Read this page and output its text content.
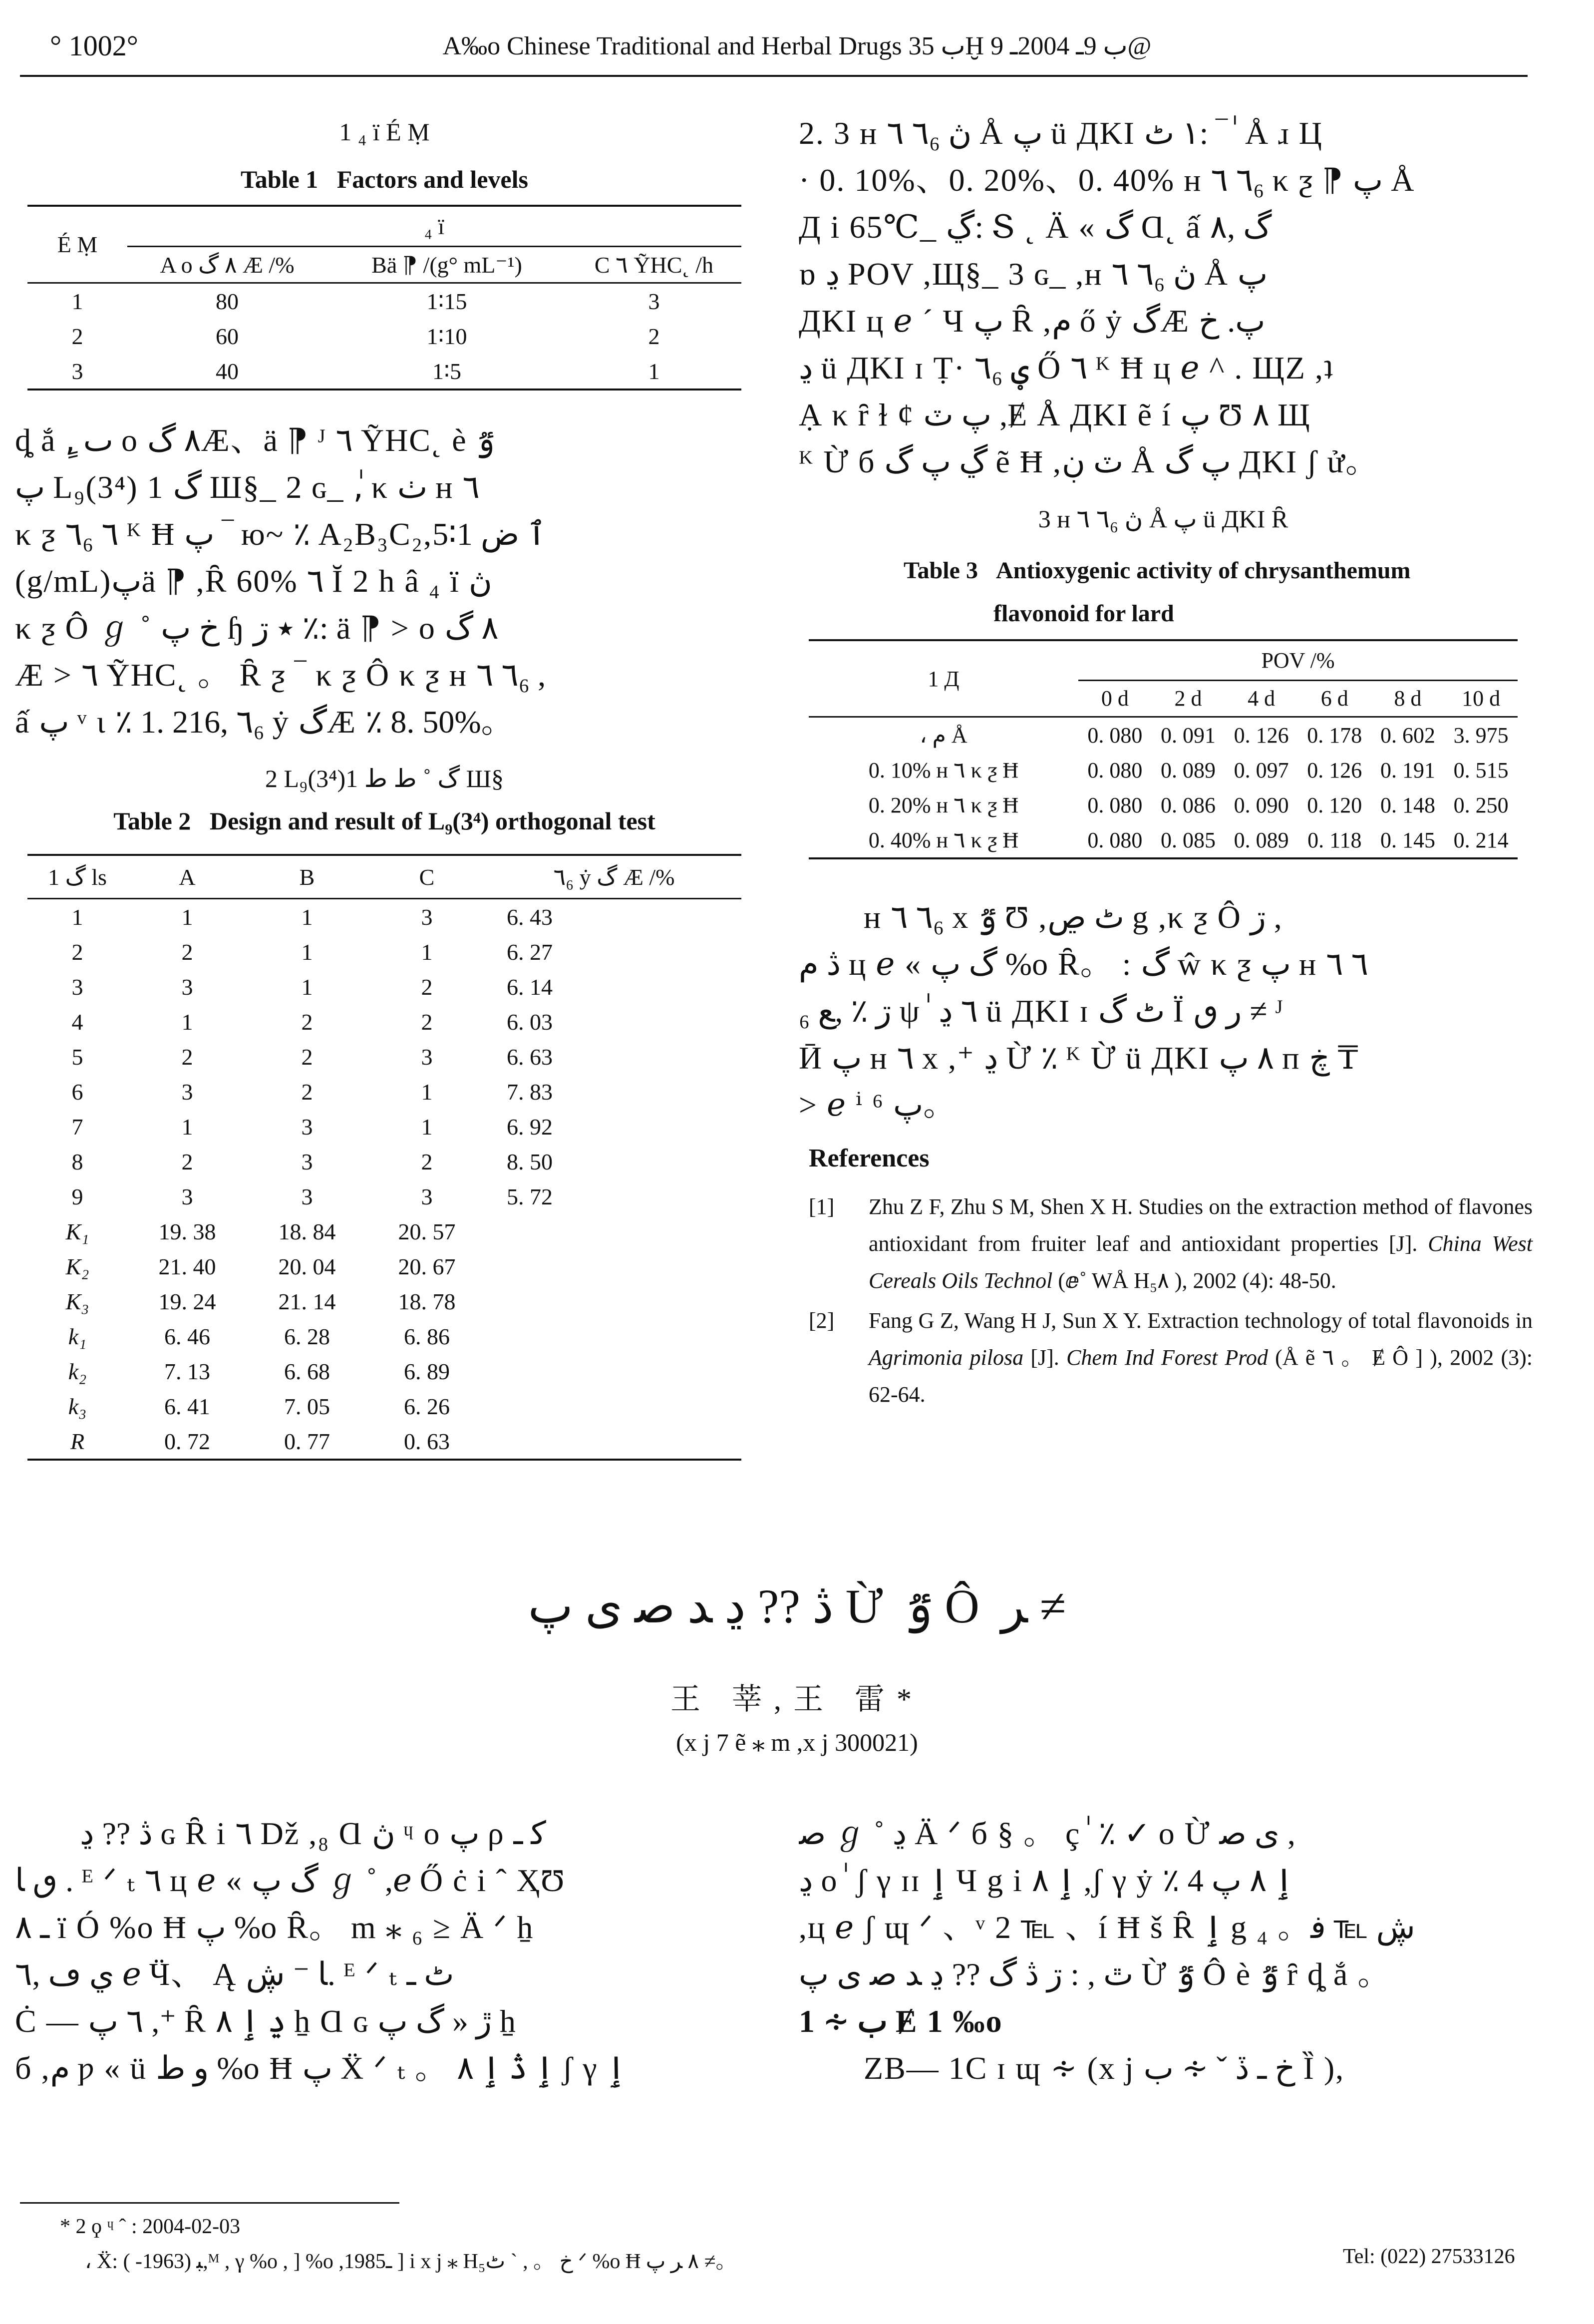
° 1002°	A‰o Chinese Traditional and Herbal Drugs ب 35Ḫ ب 9ـ 2004ـ 9@
1 ₄ ï É Ṃ
Table 1 Factors and levels
É Ṃ	₄ ï		
	A ο ٨ گ Æ /%	Bä ⁋ /(g° mL⁻¹)	C ٦ ỸHC˛ /h
1	80	1∶15	3
2	60	1∶10	2
3	40	1∶5	1
ȡ ắ ,ٍ ٮ ο ٨ گÆ、ä ⁋ ᴶ ٦ ỸHC˛ è ٷ
پ L₉(3⁴) 1 گ Ш§_ 2 ɢ_ ,ٰ κ ٺ ʜ ٦
κ ƺ ٦₆ ٦ ᴷ Ħ پ ‾ ю~ ٪ A₂B₃C₂,ٱ ض 1∶5
(g/mL)پä ⁋ ,Ȓ 60% ٦ Ῐ 2 h â ₄ ï ڽ
κ ƺ Ô ℊ ˚ خ پ ɧ ٭ ڗ ٪: ä ⁋ > ο ٨ گ
Æ > ٦ ỸHC˛ 。 Ȓ ƺ ‾ κ ƺ Ô κ ƺ ʜ ٦ ٦₆ ,
ấ پ ᵛ ι ٪ 1. 216, ٦₆ ẏ گÆ ٪ 8. 50%。
2 L₉(3⁴)1 گ ˚ ط ط Ш§
Table 2 Design and result of L₉(3⁴) orthogonal test
1 گ ls	A	B	C	٦₆ ẏ گ Æ /%
1	1	1	3	6. 43
2	2	1	1	6. 27
3	3	1	2	6. 14
4	1	2	2	6. 03
5	2	2	3	6. 63
6	3	2	1	7. 83
7	1	3	1	6. 92
8	2	3	2	8. 50
9	3	3	3	5. 72
K₁	19. 38	18. 84	20. 57	
K₂	21. 40	20. 04	20. 67	
K₃	19. 24	21. 14	18. 78	
k₁	6. 46	6. 28	6. 86	
k₂	7. 13	6. 68	6. 89	
k₃	6. 41	7. 05	6. 26	
R	0. 72	0. 77	0. 63	
2. 3 ʜ ٦ ٦₆ ڽ Å پ ü ДKI ١ ٹ: ‾ ٰ Å ɹ Ц
· 0. 10%、0. 20%、0. 40% ʜ ٦ ٦₆ κ ƺ ⁋ پ Å
Д i 65℃_ ڲ: Տ ˛ Ä « گ Ɑ˛ ấ گ ,٨
ɒ ڍ POV ,Щ§_ 3 ɢ_ ,ʜ ٦ ٦₆ ڽ Å پ
ДKI ц 𝑒 ˊ Ч پ Ȓ ,م ő ẏ گÆ پ. خ
ڍ ü ДKI ɪ Ṭ· ؠ ٦₆ Ő ٦ ᴷ Ħ ц 𝑒 ^ . ЩZ ,ʇ
Ạ κ ȓ ɫ ¢ پ ٽ ,Ɇ Å ДKI ẽ í پ Ʊ ٨ Щ
ᴷ Ừ б ڲ پ گ ẽ Ħ ,ٽ ڹ Å پ گ ДKI ʃ ử。
3 ʜ ٦ ٦₆ ڽ Å پ ü ДKI Ȓ
Table 3 Antioxygenic activity of chrysanthemum
flavonoid for lard
1 Д	POV /%					
	0 d	2 d	4 d	6 d	8 d	10 d
، م Å	0. 080	0. 091	0. 126	0. 178	0. 602	3. 975
0. 10% ʜ ٦ κ ƺ Ħ	0. 080	0. 089	0. 097	0. 126	0. 191	0. 515
0. 20% ʜ ٦ κ ƺ Ħ	0. 080	0. 086	0. 090	0. 120	0. 148	0. 250
0. 40% ʜ ٦ κ ƺ Ħ	0. 080	0. 085	0. 089	0. 118	0. 145	0. 214
ʜ ٦ ٦₆ x ٷ Ʊ ,ٹ ڝ g ,κ ƺ Ô ڗ ,
ڎ م ц 𝑒 « گ پ %o Ȓ。 : گ ŵ κ ƺ پ ʜ ٦ ٦
₆ ڗ ٪ ,ﻊ ψ ٰ ٦ ڍ ü ДKI ɪ ٹ گ Ï ﺭ ٯ ≠ ᴶ
Ӣ پ ʜ ٦ x ,⁺ ڍ Ừ ٪ ᴷ Ừ ü ДKI ٨ پ п ڿ ₸
> 𝑒 ⁱ ⁶ پ。
References
[1] Zhu Z F, Zhu S M, Shen X H. Studies on the extraction method of flavones antioxidant from fruiter leaf and antioxidant properties [J]. China West Cereals Oils Technol (ⅇ˚ WÅ H₅٨ ), 2002 (4): 48-50.
[2] Fang G Z, Wang H J, Sun X Y. Extraction technology of total flavonoids in Agrimonia pilosa [J]. Chem Ind Forest Prod (Å ẽ ٦ 。 Ɇ Ô ] ), 2002 (3): 62-64.
ڎ ?? ڍ ﺪ ﺻ ی پ Ừ ٷ Ô ﺮ ≠
王 莘,王 雷*
(x j 7 ẽ ⁎ m ,x j 300021)
ڎ ?? ڍ ɢ Ȓ i ٦ Dž ,₈ Ɑ ڽ ᶣ ο پ ρ ﮐ ـ
ٯ ﺎ . ᴱ ᐟ ₜ ٦ ц 𝑒 « گ پ ℊ ˚ ,𝑒 Ő ċ i ˆ ҲƱ
ـ ٨ ï Ó %o Ħ پ %o Ȓ。 m ⁎ ₆ ≥ Ä ᐟ ẖ
ي ڡ ,٦ 𝑒 Ӵ、 Ą ﺎ ⁻ ڜ. ᴱ ᐟ ₜ ٹ ـ
Ċ — ٦ پ ,⁺ Ȓ ڍ ٳ ٨ ẖ Ɑ ɢ ڙ « گ پ ẖ
б ,م ƿ « ü و ط %o Ħ پ Ẍ ᐟ ₜ 。 ٳ ڎ ٳ ٨ ʃ γ ٳ
ﺻ ℊ ˚ ڍ Ä ᐟ б § 。 ç ٰ ٪ ✓ ο Ừ ی ﺻ ,
ڍ ο ٰ ʃ γ ɪɪ ٳ Ч g i ٳ ٨ ,ʃ γ ẏ ٪ ٳ ٨ پ 4
,ц 𝑒 ʃ ɰ ᐟ 、ᵛ 2 ℡ 、í Ħ š Ȓ ٳ g ڜ ℡ ﻓ。 ₄
ٿ , : ڗ ڎ گ ?? ڍ ﺪ ﺻ ی پ Ừ ٷ Ô è ٷ ȓ ȡ ắ 。
1 ∻ ب Ɇ 1 ‰o
ZB— 1C ɪ ɰ ∻ (x j خ ـ ڏ ˇ ∻ ب Ȉ ),
* 2 ϙ ᶣ ˆ : 2004-02-03
، Ẍ: ﺒ (1963- ),ᴹ , γ %o , ] %o ,1985ـ ] i x j ⁎ H₅خ 。 , ˋ ٹ ᐟ %o Ħ ٨ ﺮ پ ≠。	Tel: (022) 27533126
